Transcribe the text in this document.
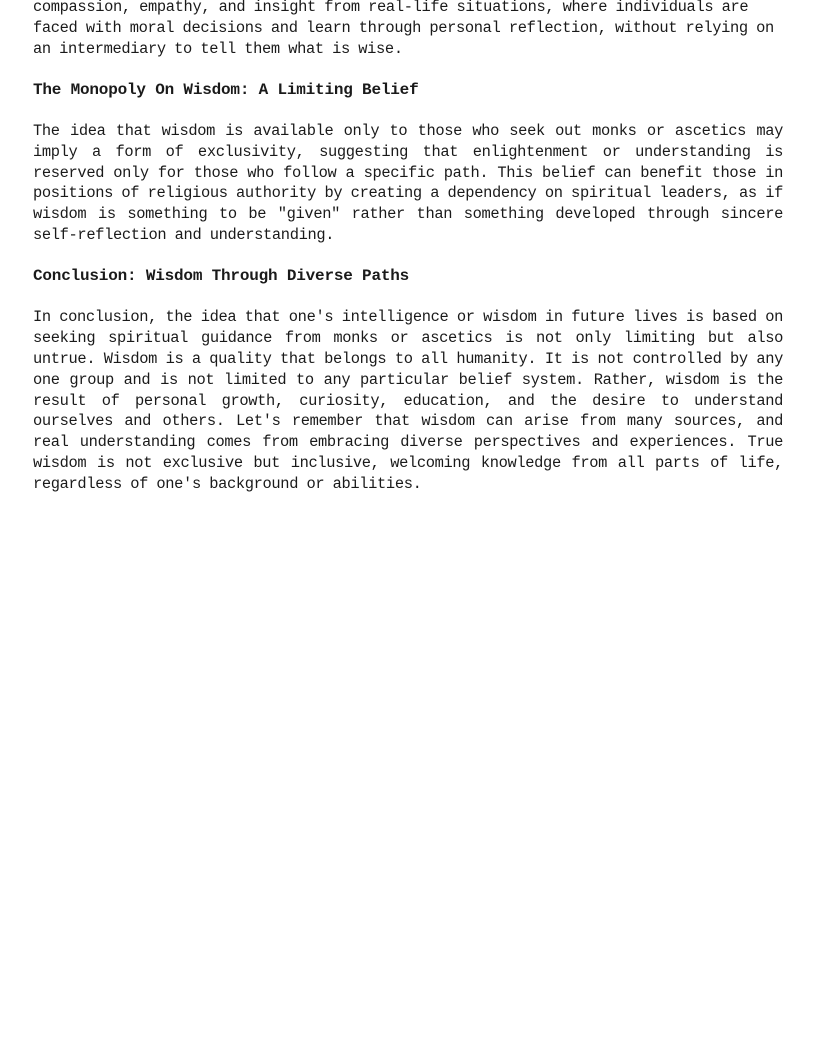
compassion, empathy, and insight from real-life situations, where individuals are faced with moral decisions and learn through personal reflection, without relying on an intermediary to tell them what is wise.

The Monopoly On Wisdom: A Limiting Belief

The idea that wisdom is available only to those who seek out monks or ascetics may imply a form of exclusivity, suggesting that enlightenment or understanding is reserved only for those who follow a specific path. This belief can benefit those in positions of religious authority by creating a dependency on spiritual leaders, as if wisdom is something to be "given" rather than something developed through sincere self-reflection and understanding.

Conclusion: Wisdom Through Diverse Paths

In conclusion, the idea that one's intelligence or wisdom in future lives is based on seeking spiritual guidance from monks or ascetics is not only limiting but also untrue. Wisdom is a quality that belongs to all humanity. It is not controlled by any one group and is not limited to any particular belief system. Rather, wisdom is the result of personal growth, curiosity, education, and the desire to understand ourselves and others. Let's remember that wisdom can arise from many sources, and real understanding comes from embracing diverse perspectives and experiences. True wisdom is not exclusive but inclusive, welcoming knowledge from all parts of life, regardless of one's background or abilities.
